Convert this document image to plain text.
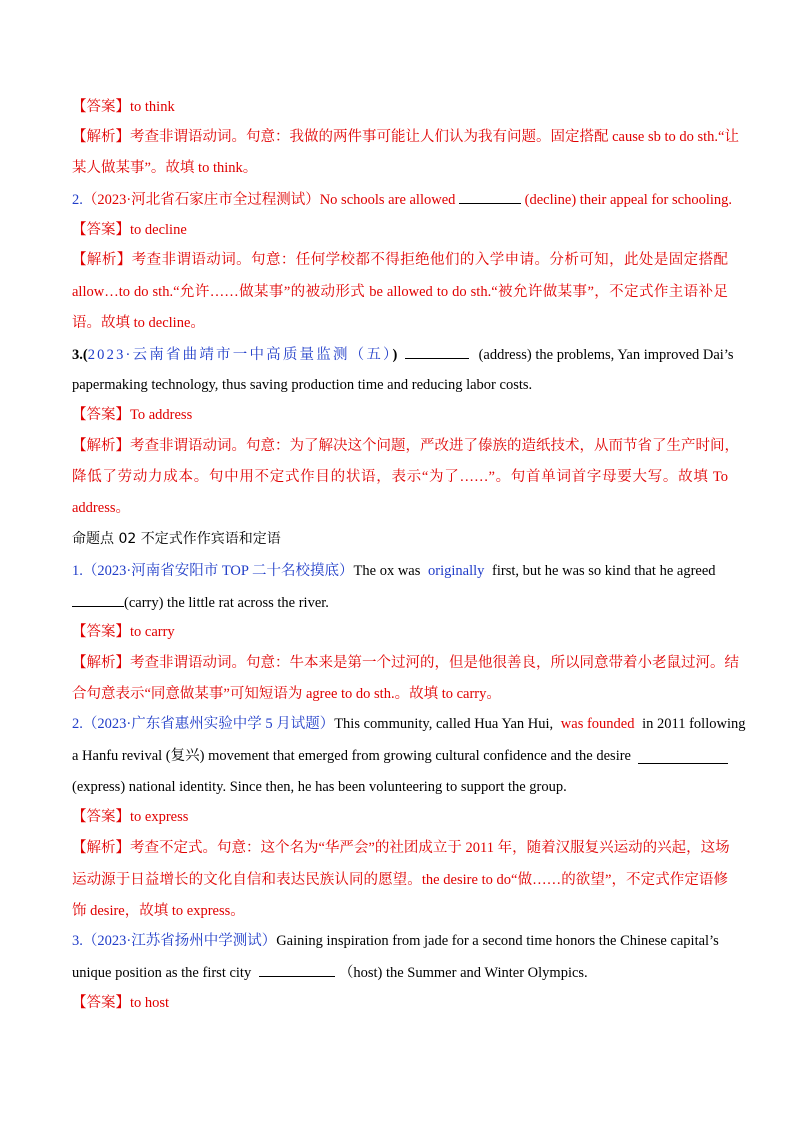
【答案】to think
【解析】考查非谓语动词。句意：我做的两件事可能让人们认为我有问题。固定搭配 cause sb to do sth.“让
某人做某事”。故填 to think。
2.（2023·河北省石家庄市全过程测试）No schools are allowed	(decline) their appeal for schooling.
【答案】to decline
【解析】考查非谓语动词。句意：任何学校都不得拒绝他们的入学申请。分析可知，此处是固定搭配
allow…to do sth.“允许……做某事”的被动形式 be allowed to do sth.“被允许做某事”，不定式作主语补足
语。故填 to decline。
3.(2023·云南省曲靖市一中高质量监测（五）)	(address) the problems, Yan improved Dai’s
papermaking technology, thus saving production time and reducing labor costs.
【答案】To address
【解析】考查非谓语动词。句意：为了解决这个问题，严改进了傣族的造纸技术，从而节省了生产时间，
降低了劳动力成本。句中用不定式作目的状语，表示“为了……”。句首单词首字母要大写。故填 To
address。
命题点 02 不定式作作宾语和定语
1.（2023·河南省安阳市 TOP 二十名校摸底）The ox was originally first, but he was so kind that he agreed
(carry) the little rat across the river.
【答案】to carry
【解析】考查非谓语动词。句意：牛本来是第一个过河的，但是他很善良，所以同意带着小老鼠过河。结
合句意表示“同意做某事”可知短语为 agree to do sth.。故填 to carry。
2.（2023·广东省惠州实验中学 5 月试题）This community, called Hua Yan Hui, was founded in 2011 following
a Hanfu revival (复兴) movement that emerged from growing cultural confidence and the desire
(express) national identity. Since then, he has been volunteering to support the group.
【答案】to express
【解析】考查不定式。句意：这个名为“华严会”的社团成立于 2011 年，随着汉服复兴运动的兴起，这场
运动源于日益增长的文化自信和表达民族认同的愿望。the desire to do“做……的欲望”，不定式作定语修
饰 desire，故填 to express。
3.（2023·江苏省扬州中学测试）Gaining inspiration from jade for a second time honors the Chinese capital’s
unique position as the first city	（host) the Summer and Winter Olympics.
【答案】to host
